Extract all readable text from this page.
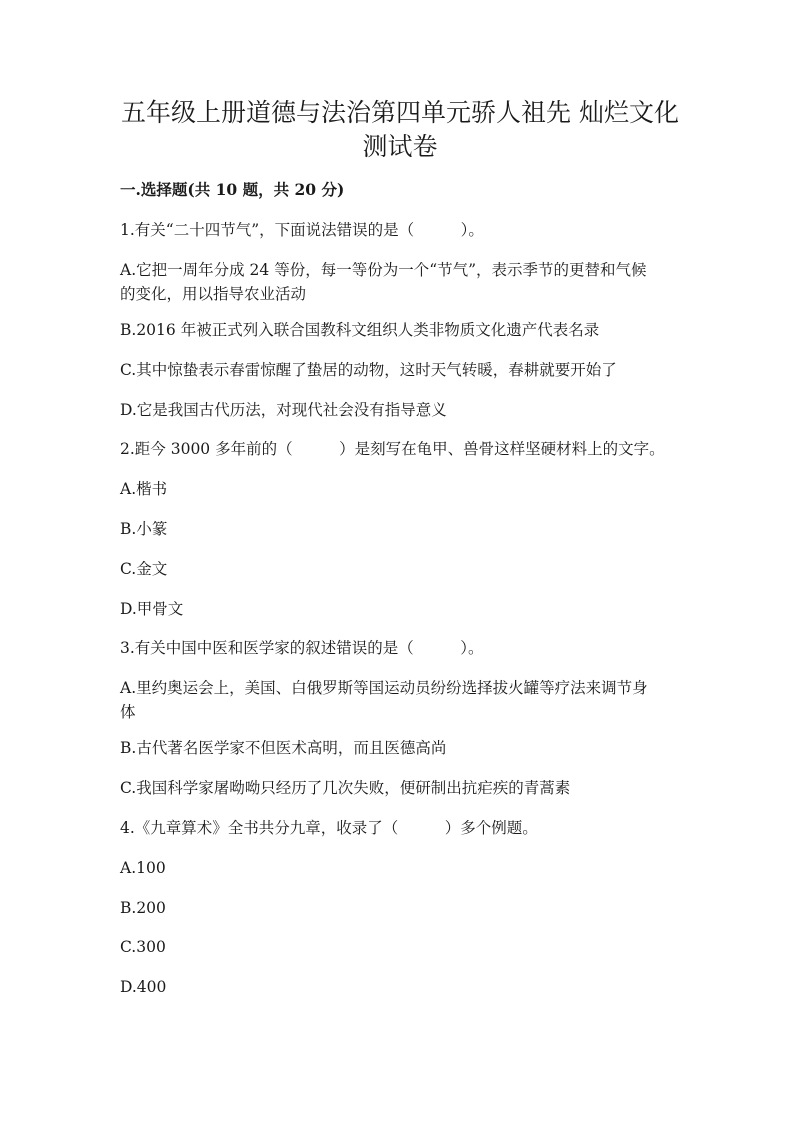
五年级上册道德与法治第四单元骄人祖先 灿烂文化
测试卷

一.选择题(共 10 题，共 20 分)

1.有关“二十四节气”，下面说法错误的是（　　　）。

A.它把一周年分成 24 等份，每一等份为一个“节气”，表示季节的更替和气候

的变化，用以指导农业活动

B.2016 年被正式列入联合国教科文组织人类非物质文化遗产代表名录

C.其中惊蛰表示春雷惊醒了蛰居的动物，这时天气转暖，春耕就要开始了

D.它是我国古代历法，对现代社会没有指导意义

2.距今 3000 多年前的（　　　）是刻写在龟甲、兽骨这样坚硬材料上的文字。

A.楷书

B.小篆

C.金文

D.甲骨文

3.有关中国中医和医学家的叙述错误的是（　　　）。

A.里约奥运会上，美国、白俄罗斯等国运动员纷纷选择拔火罐等疗法来调节身

体

B.古代著名医学家不但医术高明，而且医德高尚

C.我国科学家屠呦呦只经历了几次失败，便研制出抗疟疾的青蒿素

4.《九章算术》全书共分九章，收录了（　　　）多个例题。

A.100

B.200

C.300

D.400
